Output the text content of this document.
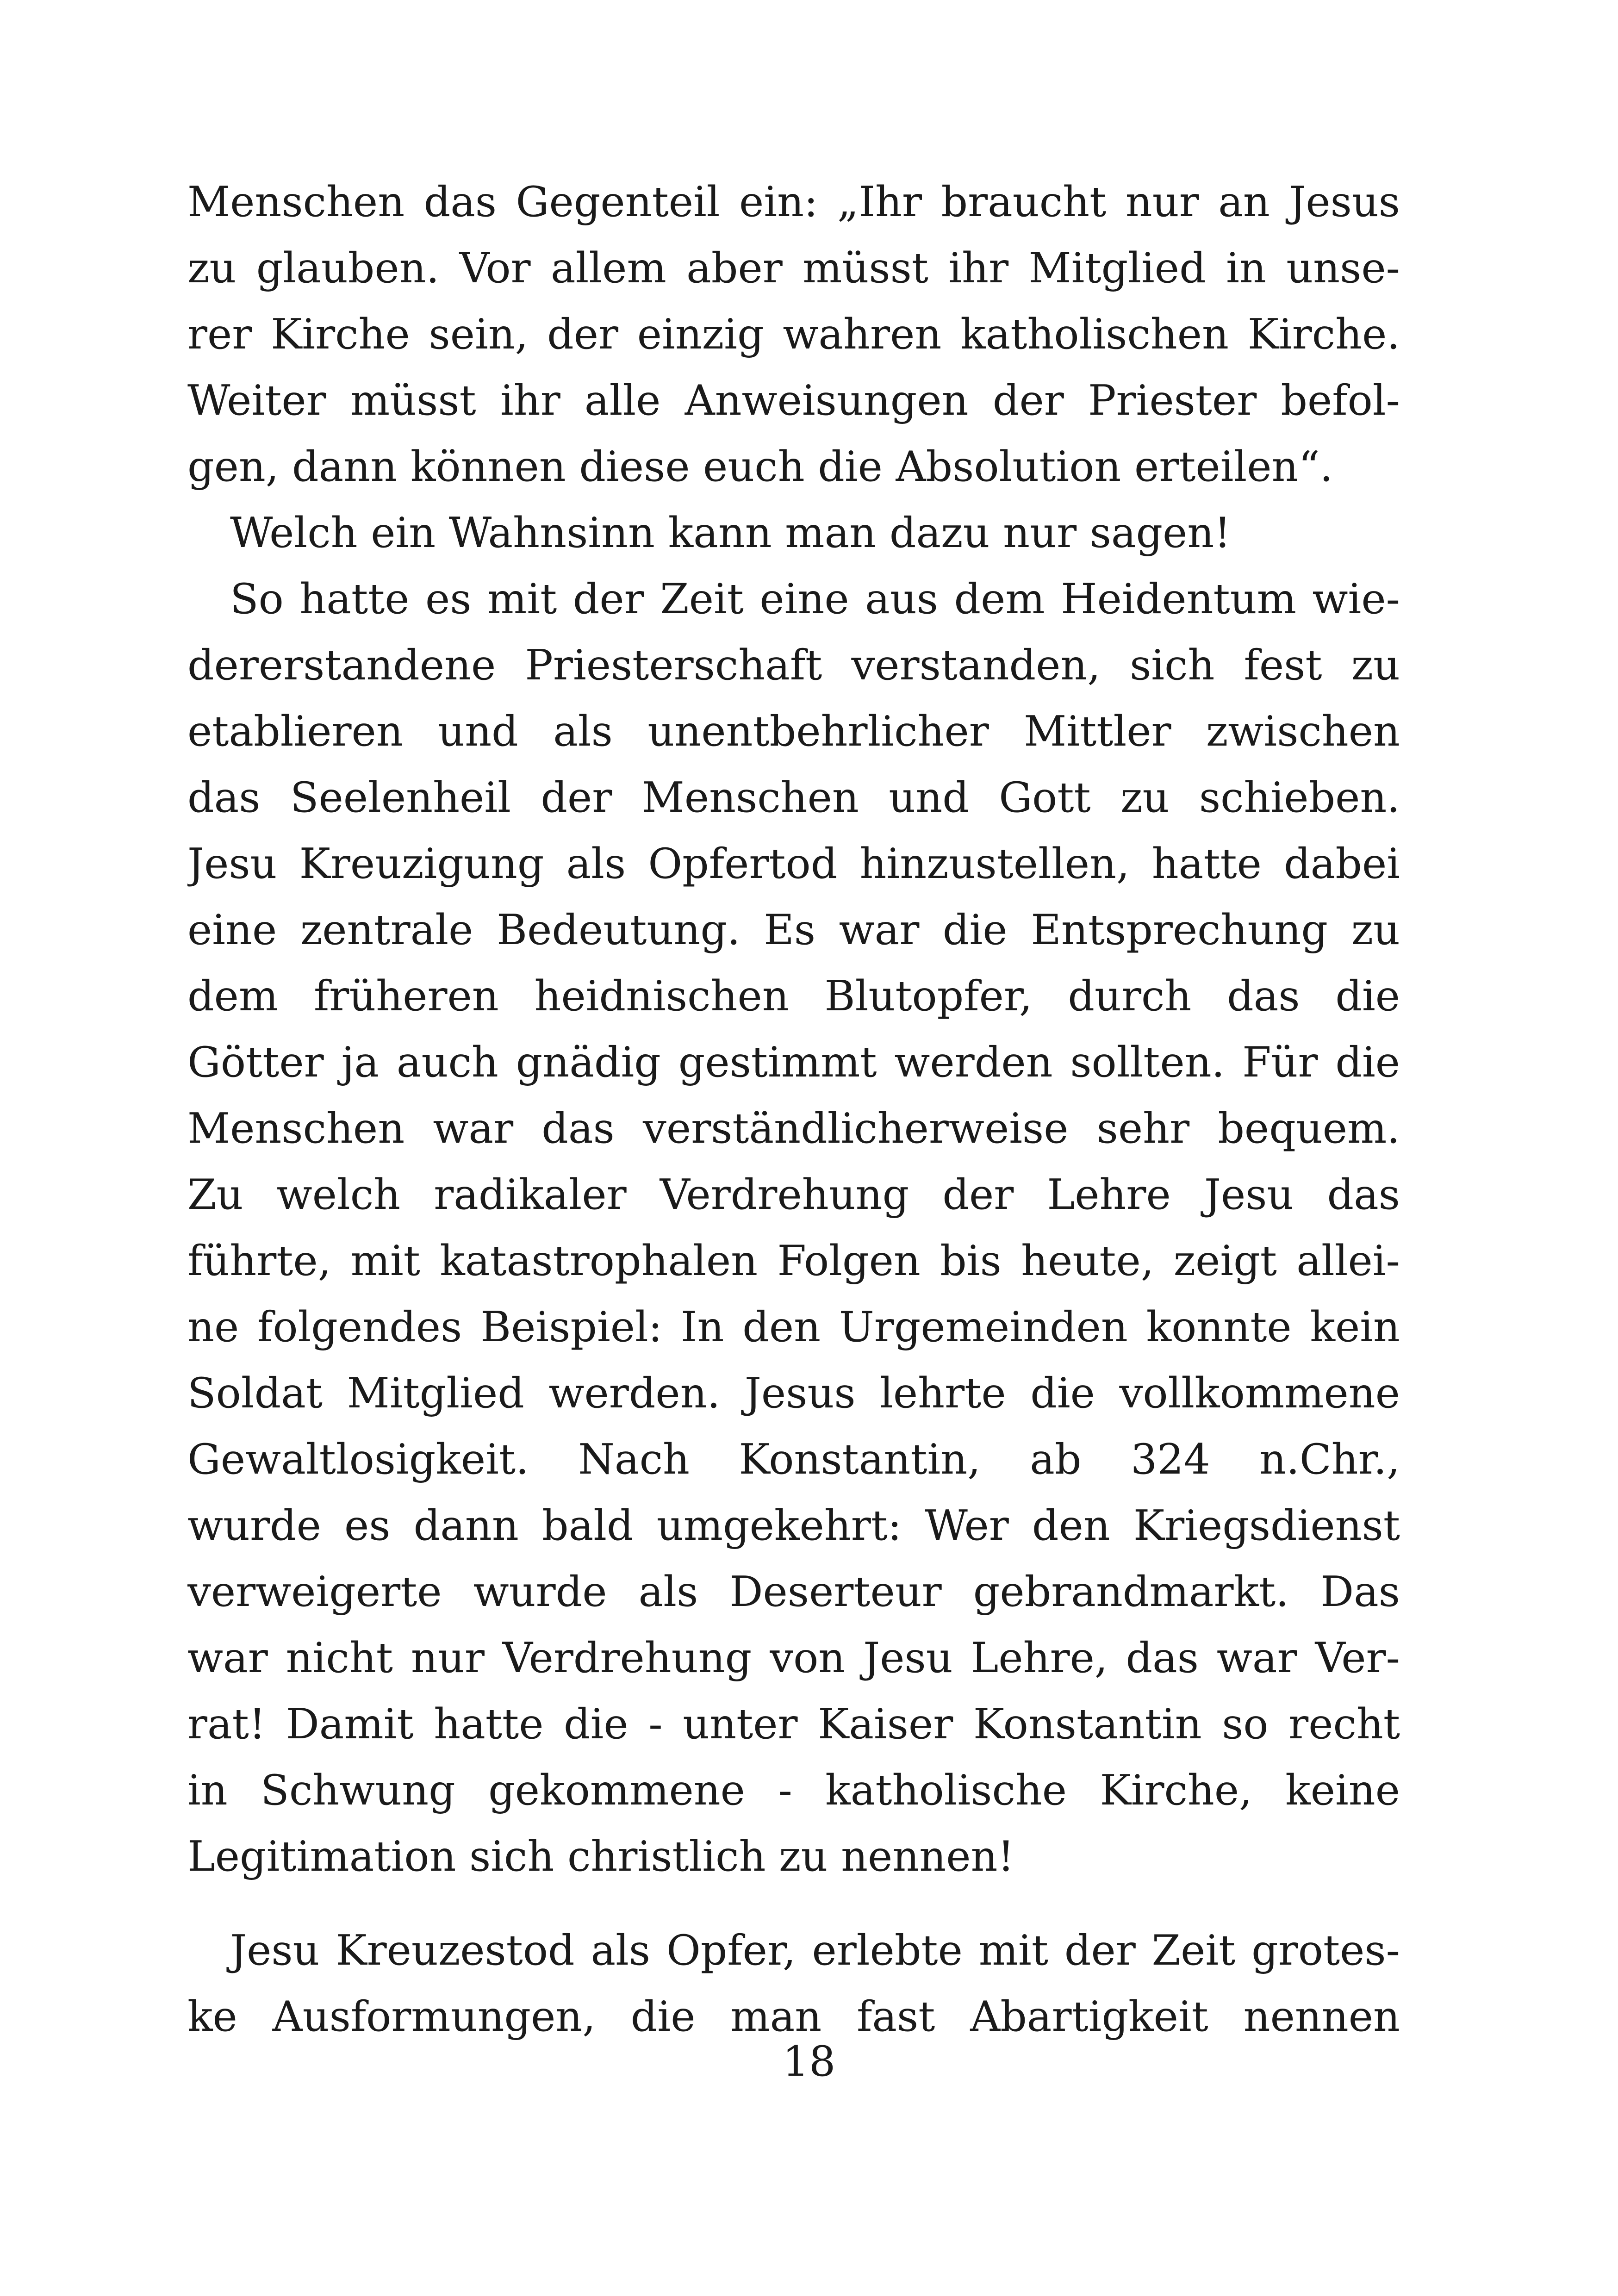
Menschen das Gegenteil ein: „Ihr braucht nur an Jesus
zu glauben. Vor allem aber müsst ihr Mitglied in unse-
rer Kirche sein, der einzig wahren katholischen Kirche.
Weiter müsst ihr alle Anweisungen der Priester befol-
gen, dann können diese euch die Absolution erteilen“.
Welch ein Wahnsinn kann man dazu nur sagen!
So hatte es mit der Zeit eine aus dem Heidentum wie-
dererstandene Priesterschaft verstanden, sich fest zu
etablieren und als unentbehrlicher Mittler zwischen
das Seelenheil der Menschen und Gott zu schieben.
Jesu Kreuzigung als Opfertod hinzustellen, hatte dabei
eine zentrale Bedeutung. Es war die Entsprechung zu
dem früheren heidnischen Blutopfer, durch das die
Götter ja auch gnädig gestimmt werden sollten. Für die
Menschen war das verständlicherweise sehr bequem.
Zu welch radikaler Verdrehung der Lehre Jesu das
führte, mit katastrophalen Folgen bis heute, zeigt allei-
ne folgendes Beispiel: In den Urgemeinden konnte kein
Soldat Mitglied werden. Jesus lehrte die vollkommene
Gewaltlosigkeit. Nach Konstantin, ab 324 n.Chr.,
wurde es dann bald umgekehrt: Wer den Kriegsdienst
verweigerte wurde als Deserteur gebrandmarkt. Das
war nicht nur Verdrehung von Jesu Lehre, das war Ver-
rat! Damit hatte die - unter Kaiser Konstantin so recht
in Schwung gekommene - katholische Kirche, keine
Legitimation sich christlich zu nennen!
Jesu Kreuzestod als Opfer, erlebte mit der Zeit grotes-
ke Ausformungen, die man fast Abartigkeit nennen
18
